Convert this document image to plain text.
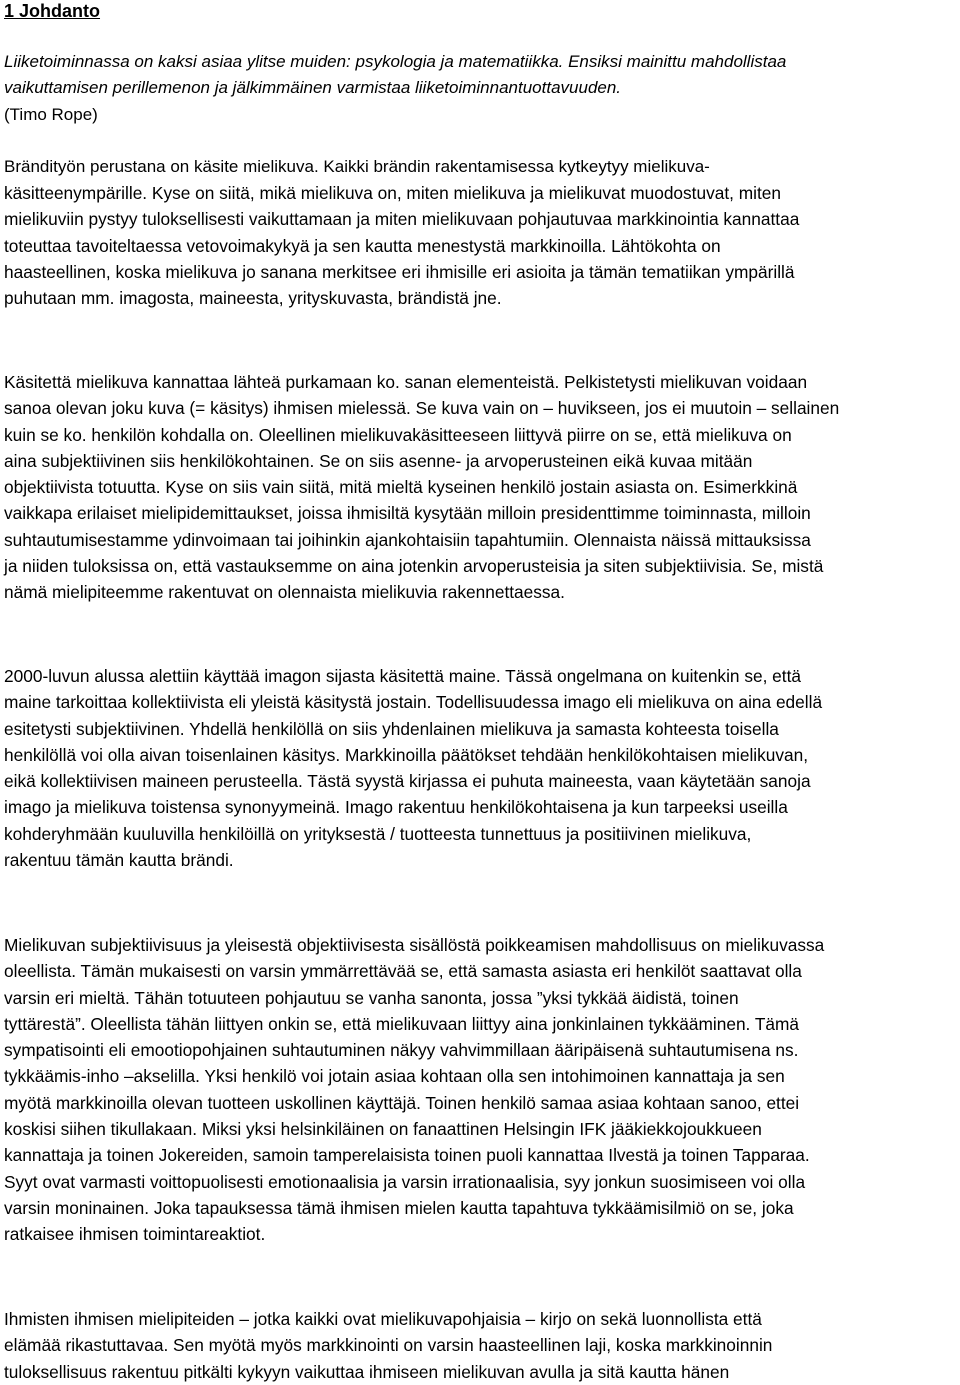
1 Johdanto
Liiketoiminnassa on kaksi asiaa ylitse muiden: psykologia ja matematiikka. Ensiksi mainittu mahdollistaa
vaikuttamisen perillemenon ja jälkimmäinen varmistaa liiketoiminnantuottavuuden.
(Timo Rope)
Brändityön perustana on käsite mielikuva. Kaikki brändin rakentamisessa kytkeytyy mielikuva-
käsitteenympärille. Kyse on siitä, mikä mielikuva on, miten mielikuva ja mielikuvat muodostuvat, miten
mielikuviin pystyy tuloksellisesti vaikuttamaan ja miten mielikuvaan pohjautuvaa markkinointia kannattaa
toteuttaa tavoiteltaessa vetovoimakykyä ja sen kautta menestystä markkinoilla. Lähtökohta on
haasteellinen, koska mielikuva jo sananа merkitsee eri ihmisille eri asioita ja tämän tematiikan ympärillä
puhutaan mm. imagosta, maineesta, yrityskuvasta, brändistä jne.
Käsitettä mielikuva kannattaa lähteä purkamaan ko. sanan elementeistä. Pelkistetysti mielikuvan voidaan
sanoa olevan joku kuva (= käsitys) ihmisen mielessä. Se kuva vain on – huvikseen, jos ei muutoin – sellainen
kuin se ko. henkilön kohdalla on. Oleellinen mielikuvakäsitteeseen liittyvä piirre on se, että mielikuva on
aina subjektiivinen siis henkilökohtainen. Se on siis asenne- ja arvoperusteinen eikä kuvaa mitään
objektiivista totuutta. Kyse on siis vain siitä, mitä mieltä kyseinen henkilö jostain asiasta on. Esimerkkinä
vaikkapa erilaiset mielipidemittaukset, joissa ihmisiltä kysytään milloin presidenttimme toiminnasta, milloin
suhtautumisestamme ydinvoimaan tai joihinkin ajankohtaisiin tapahtumiin. Olennaista näissä mittauksissa
ja niiden tuloksissa on, että vastauksemme on aina jotenkin arvoperusteisia ja siten subjektiivisia. Se, mistä
nämä mielipiteemme rakentuvat on olennaista mielikuvia rakennettaessa.
2000-luvun alussa alettiin käyttää imagon sijasta käsitettä maine. Tässä ongelmana on kuitenkin se, että
maine tarkoittaa kollektiivista eli yleistä käsitystä jostain. Todellisuudessa imago eli mielikuva on aina edellä
esitetysti subjektiivinen. Yhdellä henkilöllä on siis yhdenlainen mielikuva ja samasta kohteesta toisella
henkilöllä voi olla aivan toisenlainen käsitys. Markkinoilla päätökset tehdään henkilökohtaisen mielikuvan,
eikä kollektiivisen maineen perusteella. Tästä syystä kirjassa ei puhuta maineesta, vaan käytetään sanoja
imago ja mielikuva toistensa synonyymeinä. Imago rakentuu henkilökohtaisena ja kun tarpeeksi useilla
kohderyhmään kuuluvilla henkilöillä on yrityksestä / tuotteesta tunnettuus ja positiivinen mielikuva,
rakentuu tämän kautta brändi.
Mielikuvan subjektiivisuus ja yleisestä objektiivisesta sisällöstä poikkeamisen mahdollisuus on mielikuvassa
oleellista. Tämän mukaisesti on varsin ymmärrettävää se, että samasta asiasta eri henkilöt saattavat olla
varsin eri mieltä. Tähän totuuteen pohjautuu se vanha sanonta, jossa ”yksi tykkää äidistä, toinen
tyttärestä”. Oleellista tähän liittyen onkin se, että mielikuvaan liittyy aina jonkinlainen tykkääminen. Tämä
sympatisointi eli emootiopohjainen suhtautuminen näkyy vahvimmillaan ääripäisenä suhtautumisena ns.
tykkäämis-inho –akselilla. Yksi henkilö voi jotain asiaa kohtaan olla sen intohimoinen kannattaja ja sen
myötä markkinoilla olevan tuotteen uskollinen käyttäjä. Toinen henkilö samaa asiaa kohtaan sanoo, ettei
koskisi siihen tikullakaan. Miksi yksi helsinkiläinen on fanaattinen Helsingin IFK jääkiekkojoukkueen
kannattaja ja toinen Jokereiden, samoin tamperelaisista toinen puoli kannattaa Ilvestä ja toinen Tapparaa.
Syyt ovat varmasti voittopuolisesti emotionaalisia ja varsin irrationaalisia, syy jonkun suosimiseen voi olla
varsin moninainen. Joka tapauksessa tämä ihmisen mielen kautta tapahtuva tykkäämisilmiö on se, joka
ratkaisee ihmisen toimintareaktiot.
Ihmisten ihmisen mielipiteiden – jotka kaikki ovat mielikuvapohjaisia – kirjo on sekä luonnollista että
elämää rikastuttavaa. Sen myötä myös markkinointi on varsin haasteellinen laji, koska markkinoinnin
tuloksellisuus rakentuu pitkälti kykyyn vaikuttaa ihmiseen mielikuvan avulla ja sitä kautta hänen
